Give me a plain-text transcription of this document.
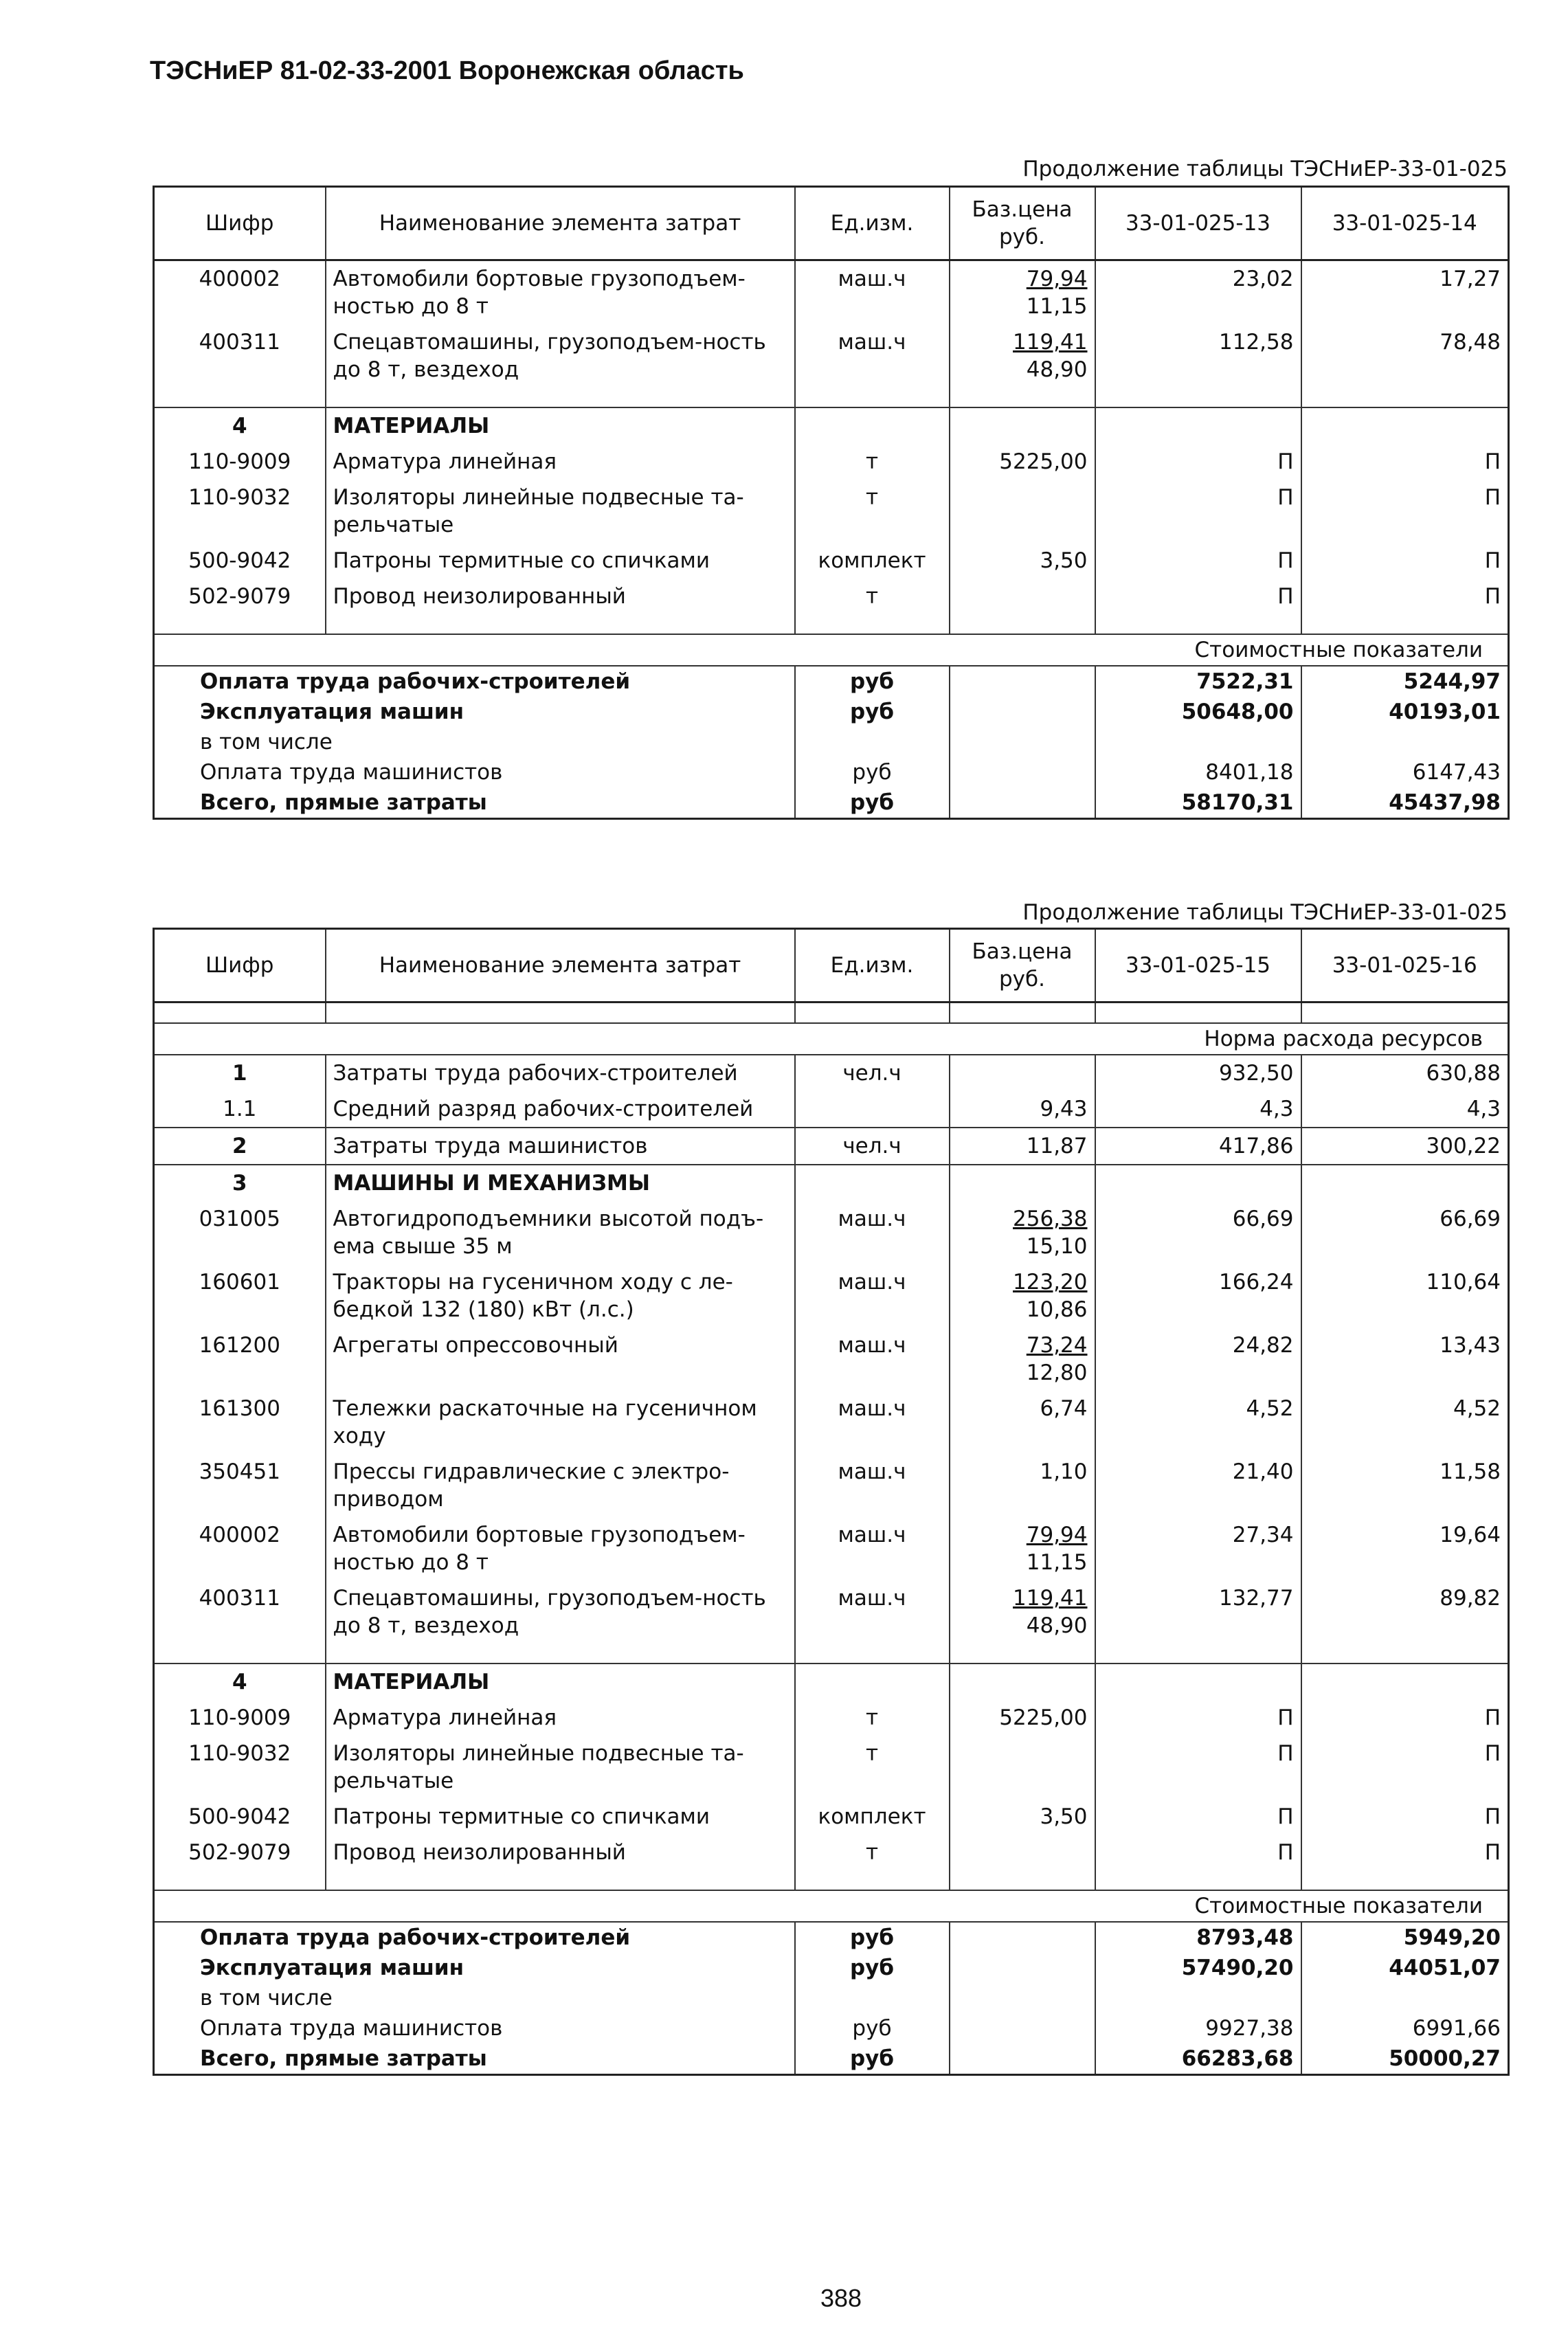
ТЭСНиЕР 81-02-33-2001 Воронежская область
Продолжение таблицы ТЭСНиЕР-33-01-025
Шифр	Наименование элемента затрат	Ед.изм.	Баз.цена руб.	33-01-025-13	33-01-025-14
400002	Автомобили бортовые грузоподъем-ностью до 8 т	маш.ч	$\frac{79,94}{11,15}$	23,02	17,27
400311	Спецавтомашины, грузоподъем-ность до 8 т, вездеход	маш.ч	$\frac{119,41}{48,90}$	112,58	78,48

4	МАТЕРИАЛЫ				
110-9009	Арматура линейная	т	5225,00	П	П
110-9032	Изоляторы линейные подвесные та-рельчатые	т		П	П
500-9042	Патроны термитные со спичками	комплект	3,50	П	П
502-9079	Провод неизолированный	т		П	П

	Стоимостные показатели				
Оплата труда рабочих-строителей		руб		7522,31	5244,97
Эксплуатация машин		руб		50648,00	40193,01
в том числе					
Оплата труда машинистов		руб		8401,18	6147,43
Всего, прямые затраты		руб		58170,31	45437,98
Продолжение таблицы ТЭСНиЕР-33-01-025
Шифр	Наименование элемента затрат	Ед.изм.	Баз.цена руб.	33-01-025-15	33-01-025-16

	Норма расхода ресурсов				
1	Затраты труда рабочих-строителей	чел.ч		932,50	630,88
1.1	Средний разряд рабочих-строителей		9,43	4,3	4,3
2	Затраты труда машинистов	чел.ч	11,87	417,86	300,22
3	МАШИНЫ И МЕХАНИЗМЫ				
031005	Автогидроподъемники высотой подъ-ема свыше 35 м	маш.ч	$\frac{256,38}{15,10}$	66,69	66,69
160601	Тракторы на гусеничном ходу с ле-бедкой 132 (180) кВт (л.с.)	маш.ч	$\frac{123,20}{10,86}$	166,24	110,64
161200	Агрегаты опрессовочный	маш.ч	$\frac{73,24}{12,80}$	24,82	13,43
161300	Тележки раскаточные на гусеничном ходу	маш.ч	6,74	4,52	4,52
350451	Прессы гидравлические с электро-приводом	маш.ч	1,10	21,40	11,58
400002	Автомобили бортовые грузоподъем-ностью до 8 т	маш.ч	$\frac{79,94}{11,15}$	27,34	19,64
400311	Спецавтомашины, грузоподъем-ность до 8 т, вездеход	маш.ч	$\frac{119,41}{48,90}$	132,77	89,82

4	МАТЕРИАЛЫ				
110-9009	Арматура линейная	т	5225,00	П	П
110-9032	Изоляторы линейные подвесные та-рельчатые	т		П	П
500-9042	Патроны термитные со спичками	комплект	3,50	П	П
502-9079	Провод неизолированный	т		П	П

	Стоимостные показатели				
Оплата труда рабочих-строителей		руб		8793,48	5949,20
Эксплуатация машин		руб		57490,20	44051,07
в том числе					
Оплата труда машинистов		руб		9927,38	6991,66
Всего, прямые затраты		руб		66283,68	50000,27
388
